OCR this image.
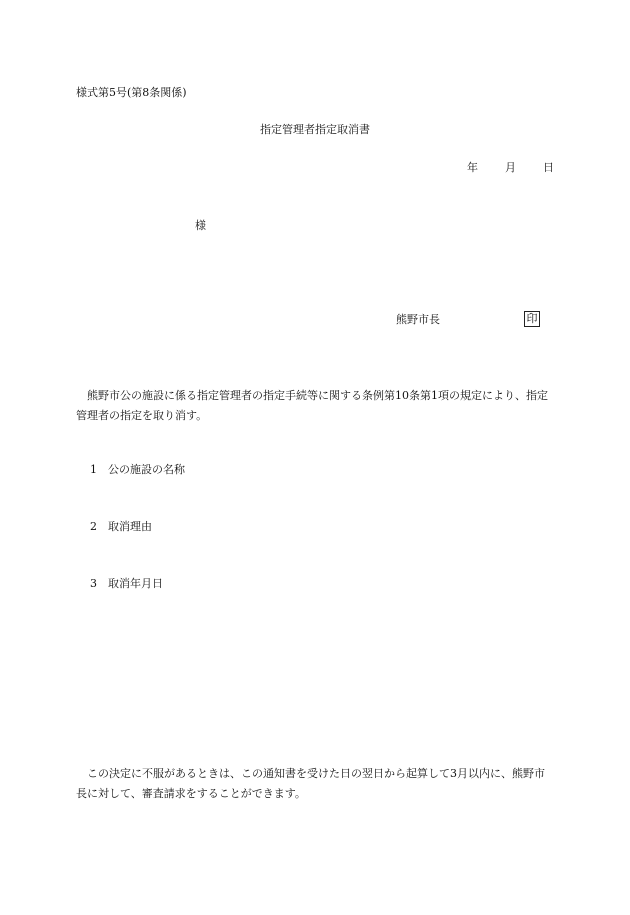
様式第5号(第8条関係)
指定管理者指定取消書
年 月 日
様
熊野市長	印
熊野市公の施設に係る指定管理者の指定手続等に関する条例第10条第1項の規定により、指定管理者の指定を取り消す。
1 公の施設の名称
2 取消理由
3 取消年月日
この決定に不服があるときは、この通知書を受けた日の翌日から起算して3月以内に、熊野市長に対して、審査請求をすることができます。
